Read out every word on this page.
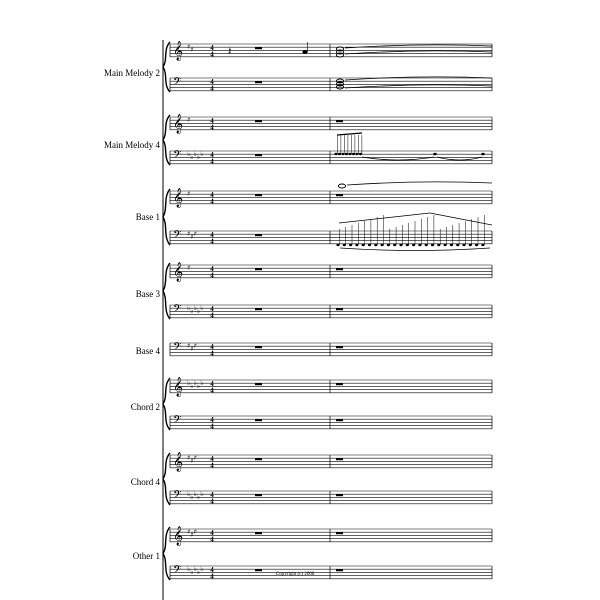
Main Melody 2
𝄞 ♯ ♯ 4
4
𝄢	4
4
Main Melody 4
𝄞 ♯	4
4
𝄢 ♭ ♭ ♭ ♭ ♭ 4
4
Base 1
𝄞 ♯	4
4
𝄢 ♯ ♯ ♯ 4
4
Base 3
𝄞 ♯	4
4
𝄢 ♭ ♭ ♭ ♭ ♭ 4
4
Base 4 𝄢 ♯ ♯ ♯ 4
4
Chord 2
𝄞 ♭ ♭ ♭ ♭ ♭ 4
4
𝄢	4
4
Chord 4
𝄞 ♯ ♯ ♯ 4
4
𝄢 ♭ ♭ ♭ ♭ ♭ 4
4
Other 1
𝄞 ♯ ♯ ♯ 4
4
𝄢 ♭ ♭ ♭ ♭ ♭ 4
4
𝄽
Copyright (c) 2008
